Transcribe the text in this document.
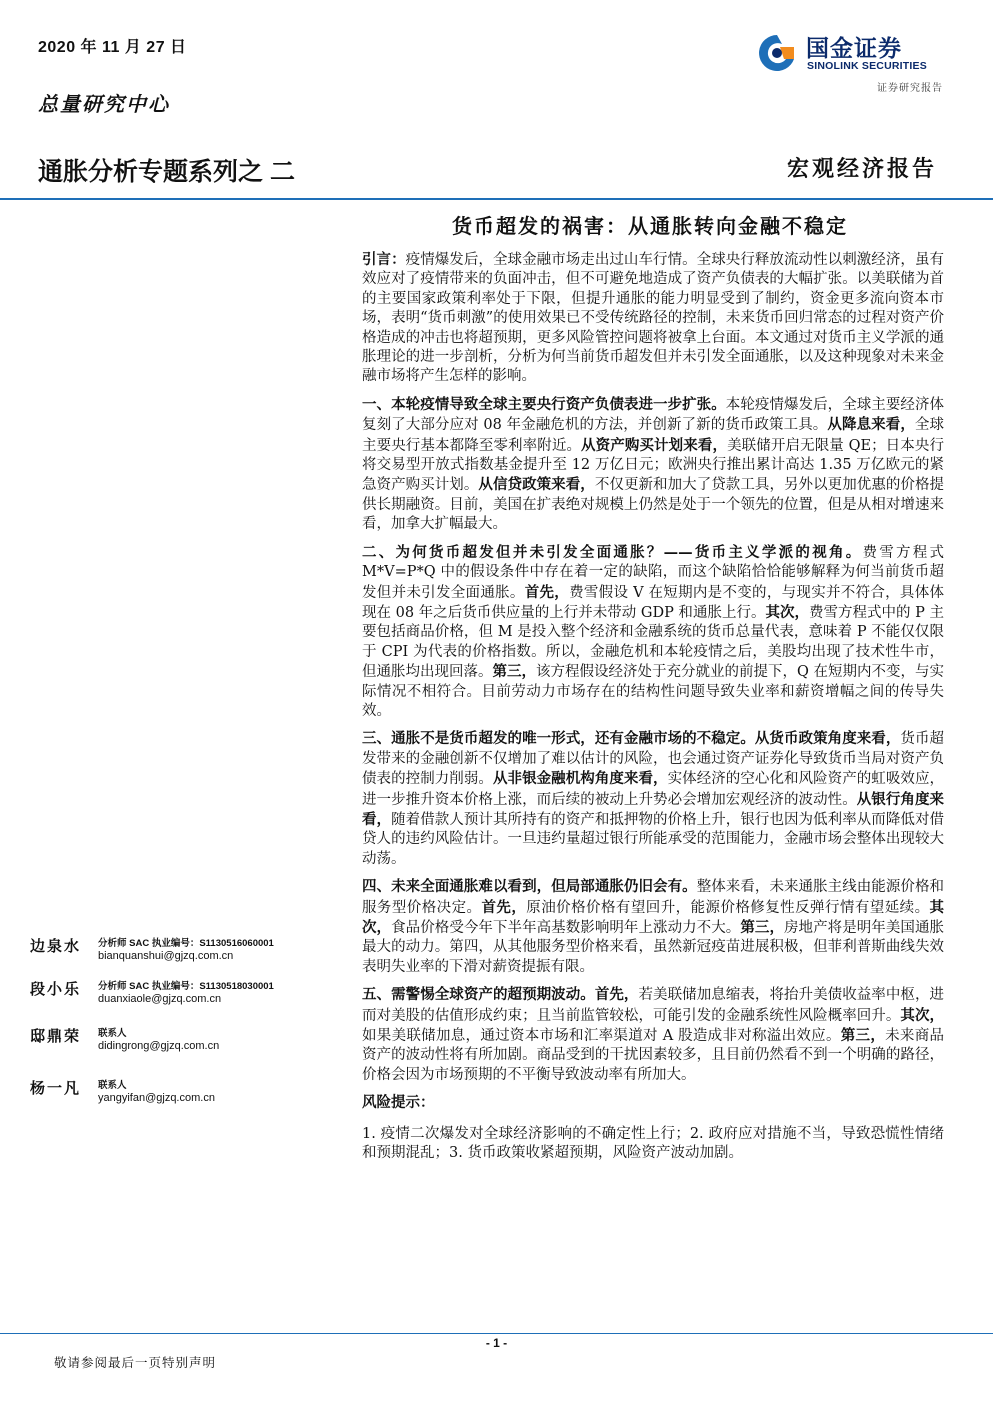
2020 年 11 月 27 日
总量研究中心
通胀分析专题系列之 二	宏观经济报告
国金证券
SINOLINK SECURITIES
证券研究报告
货币超发的祸害：从通胀转向金融不稳定

引言：疫情爆发后，全球金融市场走出过山车行情。全球央行释放流动性以刺激经济，虽有效应对了疫情带来的负面冲击，但不可避免地造成了资产负债表的大幅扩张。以美联储为首的主要国家政策利率处于下限，但提升通胀的能力明显受到了制约，资金更多流向资本市场，表明“货币刺激”的使用效果已不受传统路径的控制，未来货币回归常态的过程对资产价格造成的冲击也将超预期，更多风险管控问题将被拿上台面。本文通过对货币主义学派的通胀理论的进一步剖析，分析为何当前货币超发但并未引发全面通胀，以及这种现象对未来金融市场将产生怎样的影响。

一、本轮疫情导致全球主要央行资产负债表进一步扩张。本轮疫情爆发后，全球主要经济体复刻了大部分应对 08 年金融危机的方法，并创新了新的货币政策工具。从降息来看，全球主要央行基本都降至零利率附近。从资产购买计划来看，美联储开启无限量 QE；日本央行将交易型开放式指数基金提升至 12 万亿日元；欧洲央行推出累计高达 1.35 万亿欧元的紧急资产购买计划。从信贷政策来看，不仅更新和加大了贷款工具，另外以更加优惠的价格提供长期融资。目前，美国在扩表绝对规模上仍然是处于一个领先的位置，但是从相对增速来看，加拿大扩幅最大。

二、为何货币超发但并未引发全面通胀？——货币主义学派的视角。费雪方程式 M*V=P*Q 中的假设条件中存在着一定的缺陷，而这个缺陷恰恰能够解释为何当前货币超发但并未引发全面通胀。首先，费雪假设 V 在短期内是不变的，与现实并不符合，具体体现在 08 年之后货币供应量的上行并未带动 GDP 和通胀上行。其次，费雪方程式中的 P 主要包括商品价格，但 M 是投入整个经济和金融系统的货币总量代表，意味着 P 不能仅仅限于 CPI 为代表的价格指数。所以，金融危机和本轮疫情之后，美股均出现了技术性牛市，但通胀均出现回落。第三，该方程假设经济处于充分就业的前提下，Q 在短期内不变，与实际情况不相符合。目前劳动力市场存在的结构性问题导致失业率和薪资增幅之间的传导失效。

三、通胀不是货币超发的唯一形式，还有金融市场的不稳定。从货币政策角度来看，货币超发带来的金融创新不仅增加了难以估计的风险，也会通过资产证券化导致货币当局对资产负债表的控制力削弱。从非银金融机构角度来看，实体经济的空心化和风险资产的虹吸效应，进一步推升资本价格上涨，而后续的被动上升势必会增加宏观经济的波动性。从银行角度来看，随着借款人预计其所持有的资产和抵押物的价格上升，银行也因为低利率从而降低对借贷人的违约风险估计。一旦违约量超过银行所能承受的范围能力，金融市场会整体出现较大动荡。

四、未来全面通胀难以看到，但局部通胀仍旧会有。整体来看，未来通胀主线由能源价格和服务型价格决定。首先，原油价格价格有望回升，能源价格修复性反弹行情有望延续。其次，食品价格受今年下半年高基数影响明年上涨动力不大。第三，房地产将是明年美国通胀最大的动力。第四，从其他服务型价格来看，虽然新冠疫苗进展积极，但菲利普斯曲线失效表明失业率的下滑对薪资提振有限。

五、需警惕全球资产的超预期波动。首先，若美联储加息缩表，将抬升美债收益率中枢，进而对美股的估值形成约束；且当前监管较松，可能引发的金融系统性风险概率回升。其次，如果美联储加息，通过资本市场和汇率渠道对 A 股造成非对称溢出效应。第三，未来商品资产的波动性将有所加剧。商品受到的干扰因素较多，且目前仍然看不到一个明确的路径，价格会因为市场预期的不平衡导致波动率有所加大。

风险提示：

1. 疫情二次爆发对全球经济影响的不确定性上行；2. 政府应对措施不当，导致恐慌性情绪和预期混乱；3. 货币政策收紧超预期，风险资产波动加剧。

边泉水 分析师 SAC 执业编号：S1130516060001
bianquanshui@gjzq.com.cn
段小乐 分析师 SAC 执业编号：S1130518030001
duanxiaole@gjzq.com.cn
邸鼎荣 联系人
didingrong@gjzq.com.cn
杨一凡 联系人
yangyifan@gjzq.com.cn
- 1 -
敬请参阅最后一页特别声明
